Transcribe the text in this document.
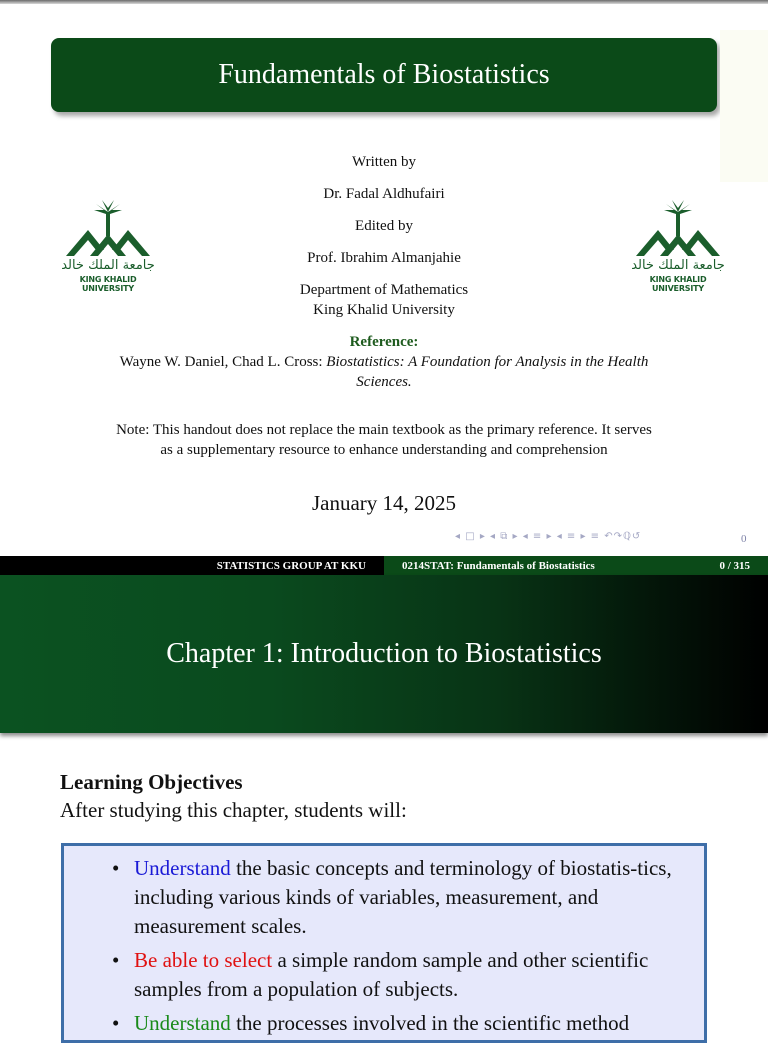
Fundamentals of Biostatistics
جامعة الملك خالد
KING KHALID UNIVERSITY
جامعة الملك خالد
KING KHALID UNIVERSITY
Written by
Dr. Fadal Aldhufairi
Edited by
Prof. Ibrahim Almanjahie
Department of Mathematics
King Khalid University
Reference:
Wayne W. Daniel, Chad L. Cross: Biostatistics: A Foundation for Analysis in the Health
Sciences.
Note: This handout does not replace the main textbook as the primary reference. It serves
as a supplementary resource to enhance understanding and comprehension
January 14, 2025
◂ □ ▸ ◂ ⧉ ▸ ◂ ≡ ▸ ◂ ≡ ▸ ≡ ↶↷ℚ↺	0
STATISTICS GROUP AT KKU	0214STAT: Fundamentals of Biostatistics	0 / 315
Chapter 1: Introduction to Biostatistics
Learning Objectives
After studying this chapter, students will:
• Understand the basic concepts and terminology of biostatis-tics, including various kinds of variables, measurement, and measurement scales.
• Be able to select a simple random sample and other scientific samples from a population of subjects.
• Understand the processes involved in the scientific method
